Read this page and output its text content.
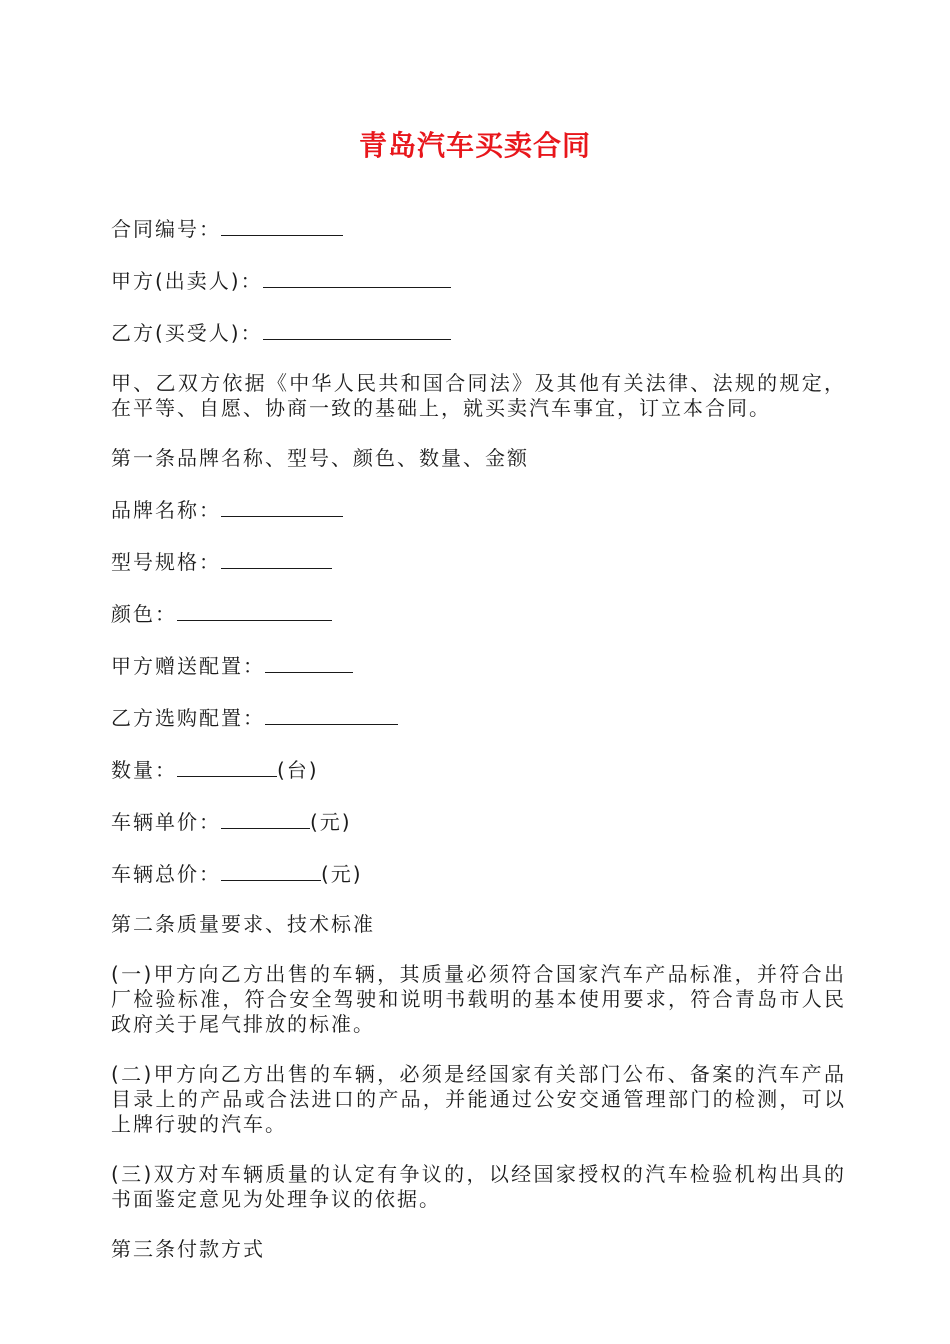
青岛汽车买卖合同

合同编号：

甲方(出卖人)：

乙方(买受人)：

甲、乙双方依据《中华人民共和国合同法》及其他有关法律、法规的规定，在平等、自愿、协商一致的基础上，就买卖汽车事宜，订立本合同。

第一条品牌名称、型号、颜色、数量、金额

品牌名称：

型号规格：

颜色：

甲方赠送配置：

乙方选购配置：

数量：	(台)

车辆单价：	(元)

车辆总价：	(元)

第二条质量要求、技术标准

(一)甲方向乙方出售的车辆，其质量必须符合国家汽车产品标准，并符合出厂检验标准，符合安全驾驶和说明书载明的基本使用要求，符合青岛市人民政府关于尾气排放的标准。

(二)甲方向乙方出售的车辆，必须是经国家有关部门公布、备案的汽车产品目录上的产品或合法进口的产品，并能通过公安交通管理部门的检测，可以上牌行驶的汽车。

(三)双方对车辆质量的认定有争议的，以经国家授权的汽车检验机构出具的书面鉴定意见为处理争议的依据。

第三条付款方式
